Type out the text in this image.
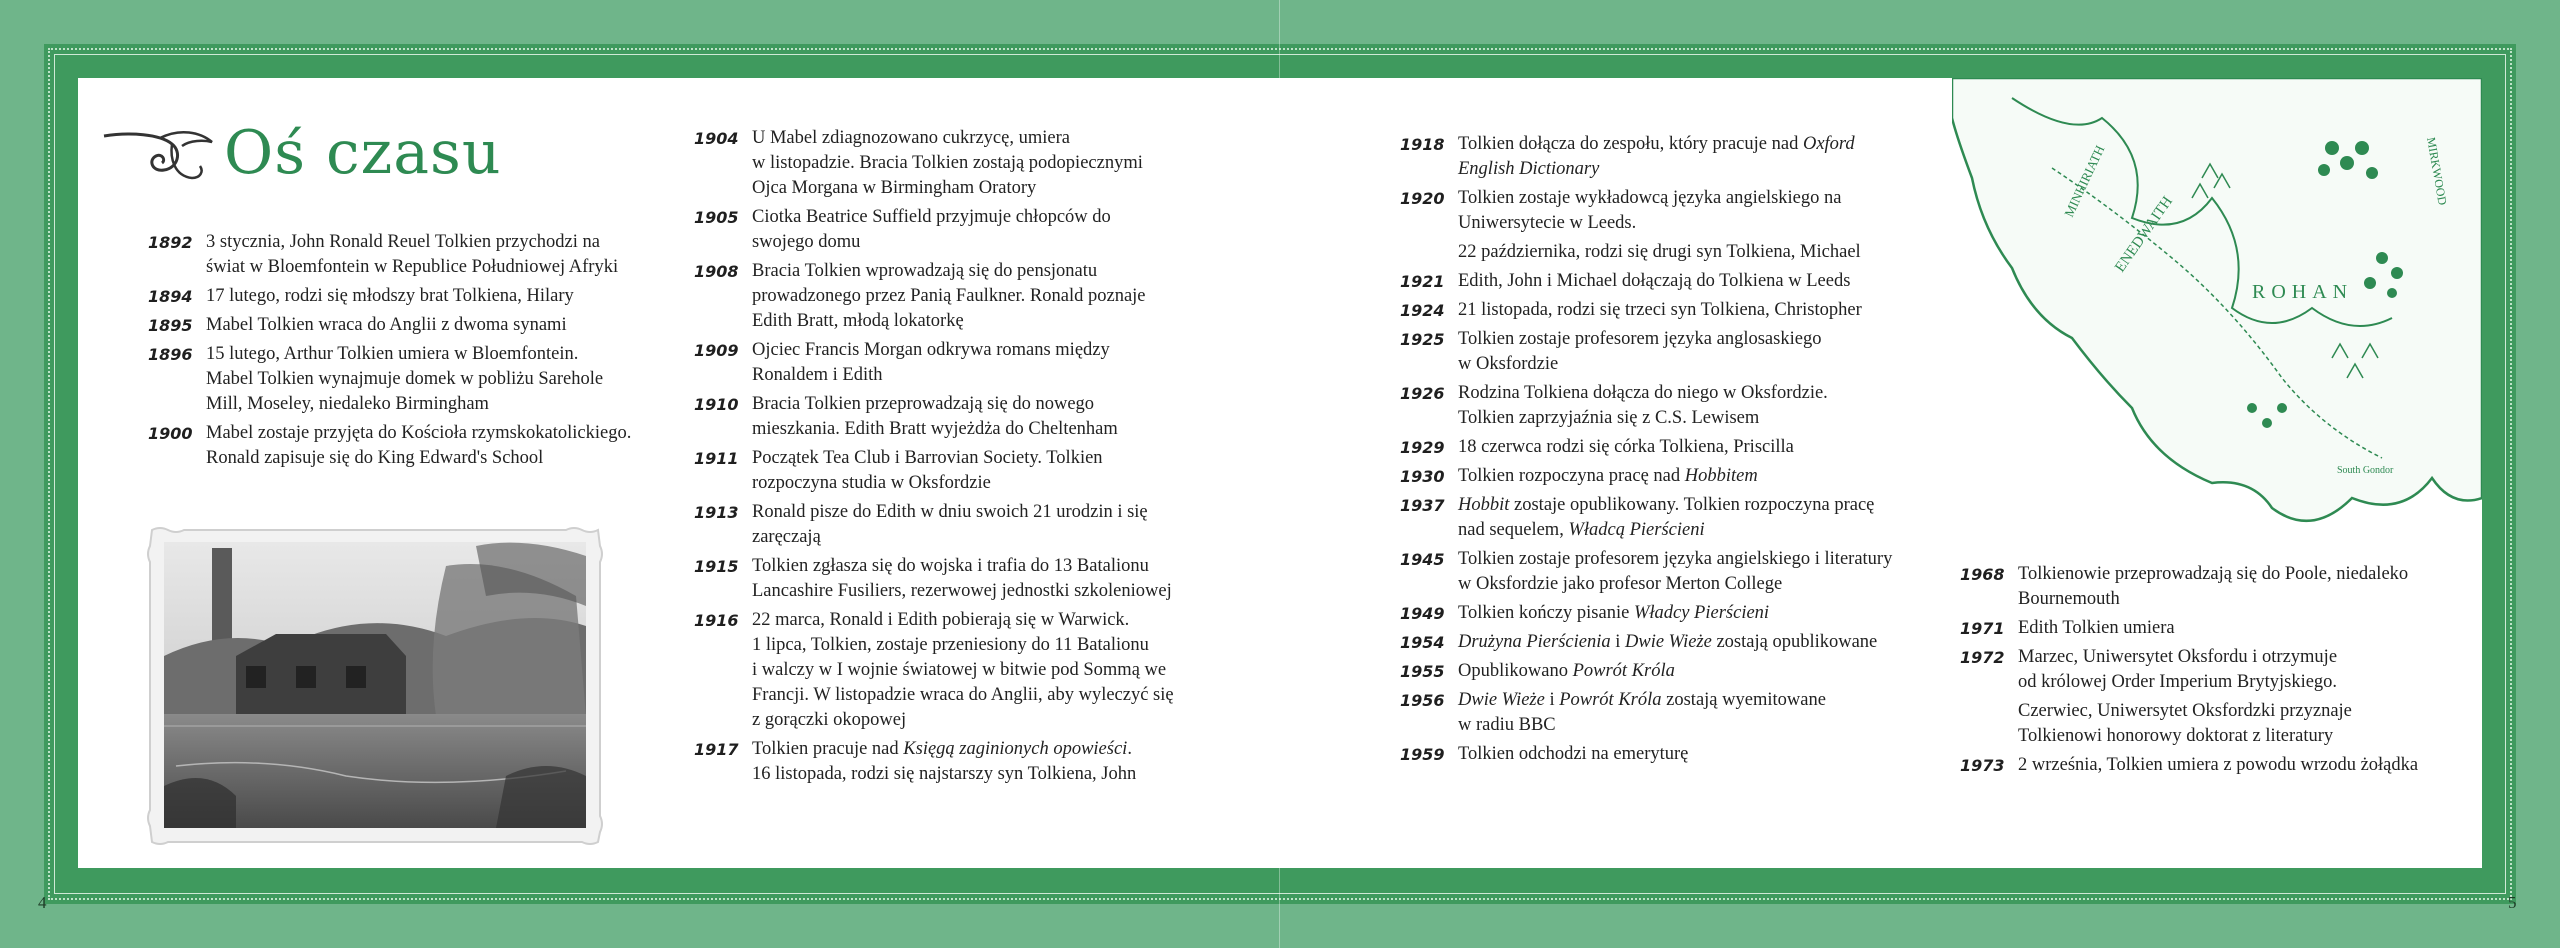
4	5
Oś czasu
1892 3 stycznia, John Ronald Reuel Tolkien przychodzi na
świat w Bloemfontein w Republice Południowej Afryki
1894 17 lutego, rodzi się młodszy brat Tolkiena, Hilary
1895 Mabel Tolkien wraca do Anglii z dwoma synami
1896 15 lutego, Arthur Tolkien umiera w Bloemfontein.
Mabel Tolkien wynajmuje domek w pobliżu Sarehole
Mill, Moseley, niedaleko Birmingham
1900 Mabel zostaje przyjęta do Kościoła rzymskokatolickiego.
Ronald zapisuje się do King Edward's School
1904 U Mabel zdiagnozowano cukrzycę, umiera
w listopadzie. Bracia Tolkien zostają podopiecznymi
Ojca Morgana w Birmingham Oratory
1905 Ciotka Beatrice Suffield przyjmuje chłopców do
swojego domu
1908 Bracia Tolkien wprowadzają się do pensjonatu
prowadzonego przez Panią Faulkner. Ronald poznaje
Edith Bratt, młodą lokatorkę
1909 Ojciec Francis Morgan odkrywa romans między
Ronaldem i Edith
1910 Bracia Tolkien przeprowadzają się do nowego
mieszkania. Edith Bratt wyjeżdża do Cheltenham
1911 Początek Tea Club i Barrovian Society. Tolkien
rozpoczyna studia w Oksfordzie
1913 Ronald pisze do Edith w dniu swoich 21 urodzin i się
zaręczają
1915 Tolkien zgłasza się do wojska i trafia do 13 Batalionu
Lancashire Fusiliers, rezerwowej jednostki szkoleniowej
1916 22 marca, Ronald i Edith pobierają się w Warwick.
1 lipca, Tolkien, zostaje przeniesiony do 11 Batalionu
i walczy w I wojnie światowej w bitwie pod Sommą we
Francji. W listopadzie wraca do Anglii, aby wyleczyć się
z gorączki okopowej
1917 Tolkien pracuje nad Księgą zaginionych opowieści.
16 listopada, rodzi się najstarszy syn Tolkiena, John
1918 Tolkien dołącza do zespołu, który pracuje nad Oxford
English Dictionary
1920 Tolkien zostaje wykładowcą języka angielskiego na
Uniwersytecie w Leeds.
22 października, rodzi się drugi syn Tolkiena, Michael
1921 Edith, John i Michael dołączają do Tolkiena w Leeds
1924 21 listopada, rodzi się trzeci syn Tolkiena, Christopher
1925 Tolkien zostaje profesorem języka anglosaskiego
w Oksfordzie
1926 Rodzina Tolkiena dołącza do niego w Oksfordzie.
Tolkien zaprzyjaźnia się z C.S. Lewisem
1929 18 czerwca rodzi się córka Tolkiena, Priscilla
1930 Tolkien rozpoczyna pracę nad Hobbitem
1937 Hobbit zostaje opublikowany. Tolkien rozpoczyna pracę
nad sequelem, Władcą Pierścieni
1945 Tolkien zostaje profesorem języka angielskiego i literatury
w Oksfordzie jako profesor Merton College
1949 Tolkien kończy pisanie Władcy Pierścieni
1954 Drużyna Pierścienia i Dwie Wieże zostają opublikowane
1955 Opublikowano Powrót Króla
1956 Dwie Wieże i Powrót Króla zostają wyemitowane
w radiu BBC
1959 Tolkien odchodzi na emeryturę
ENEDWAITH
ROHAN
MINHIRIATH	MIRKWOOD
South Gondor
1968 Tolkienowie przeprowadzają się do Poole, niedaleko
Bournemouth
1971 Edith Tolkien umiera
1972 Marzec, Uniwersytet Oksfordu i otrzymuje
od królowej Order Imperium Brytyjskiego.
Czerwiec, Uniwersytet Oksfordzki przyznaje
Tolkienowi honorowy doktorat z literatury
1973 2 września, Tolkien umiera z powodu wrzodu żołądka
